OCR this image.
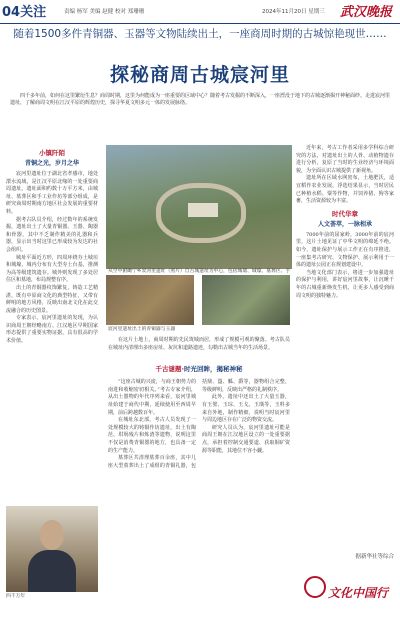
04关注	责编 杨军 美编 赵健 校对 郑珊珊	2024年11月20日 星期三 武汉晚报
随着1500多件青铜器、玉器等文物陆续出土，一座商周时期的古城惊艳现世……
探秘商周古城宸河里
四千多年前，如何在这里繁衍生息？商周时期，这里为何能成为一座重要的区域中心？随着考古发掘的不断深入，一座湮没于地下的古城逐渐揭开神秘面纱。走进宸河里遗址，了解商周文明在江汉平原的辉煌历史，探寻华夏文明多元一体的发展脉络。
小镇阡陌
青铜之光，岁月之华

宸河里遗址位于湖北省孝感市，地处澴水流域，是江汉平原北缘的一处重要商周遗址。遗址面积约数十万平方米，由城址、墓葬区和手工业作坊等部分组成，是研究商周时期南方地区社会发展的重要材料。

据考古队员介绍，经过数年的系统发掘，遗址出土了大量青铜器、玉器、陶器和骨器，其中不乏制作精美的礼器和兵器，显示出当时这里已形成较为发达的社会组织。

城址平面近方形，四周环绕夯土城垣和城壕，城内分布有大型夯土台基，推测为高等级建筑遗存。城外则发现了多处居住区和墓地，布局规整有序。

出土的青铜器纹饰繁复，铸造工艺精湛，既有中原商文化的典型特征，又带有鲜明的地方风格，反映出南北文化在此交流融合的历史图景。

专家表示，宸河里遗址的发现，为认识商周王朝经略南方、江汉地区早期国家形态提供了重要实物证据，具有很高的学术价值。

四千万年
从空中俯瞰宁乡炭河里遗址（照片）自古城遗址为中心，包括城墙、城壕、墓葬区、手
宸河里遗址出土的青铜器与玉器

在这片土地上，商周时期的先民筑城而居，形成了规模可观的聚落。考古队员在城址内清理出多座房址、灰坑和道路遗迹，勾勒出古城当年的生活场景。

千古谜题·时光回眸，揭秘神秘

“这座古城的兴废，与商王朝势力的南进和收缩密切相关。”考古专家介绍，从出土器物的年代序列来看，宸河里城址始建于商代中期，延续使用至西周早期，前后跨越数百年。

在城址东北部，考古人员发现了一处规模较大的铸铜作坊遗址，出土有陶范、坩埚残片和炼渣等遗物，说明这里不仅是消费青铜器的地方，也具备一定的生产能力。

墓葬区共清理墓葬百余座，其中几座大型墓葬出土了成组的青铜礼器，包括鼎、簋、觚、爵等，器物组合完整，等级鲜明，反映出严格的礼制秩序。

此外，遗址中还出土了大量玉器，有玉璧、玉琮、玉戈、玉璜等，玉料多来自外地，制作精细，说明当时宸河里与周边地区存在广泛的物资交流。

研究人员认为，宸河里遗址可能是商周王朝在江汉地区设立的一处重要据点，承担着控制交通要道、获取铜矿资源等职能，其地位不容小觑。

近年来，考古工作者采用多学科综合研究的方法，对遗址出土的人骨、动植物遗存进行分析，复原了当时的生业经济与环境面貌，为全面认识古城提供了新视角。

遗址所在区域水网密布，土地肥沃，适宜稻作农业发展。浮选结果显示，当时居民已种植水稻、粟等作物，并饲养猪、狗等家畜，生活资源较为丰富。

时代华章
人文荟萃，一脉相承

7000年前的屈家岭，3000年前的宸河里，这片土地见证了中华文明的绵延不绝。如今，遗址保护与展示工作正在有序推进，一座集考古研究、文物保护、展示利用于一体的遗址公园正在规划建设中。

当地文化部门表示，将进一步加强遗址的保护与利用，讲好宸河里故事，让沉睡千年的古城重新焕发生机，让更多人感受到商周文明的独特魅力。

据新华社等综合
文化中国行
